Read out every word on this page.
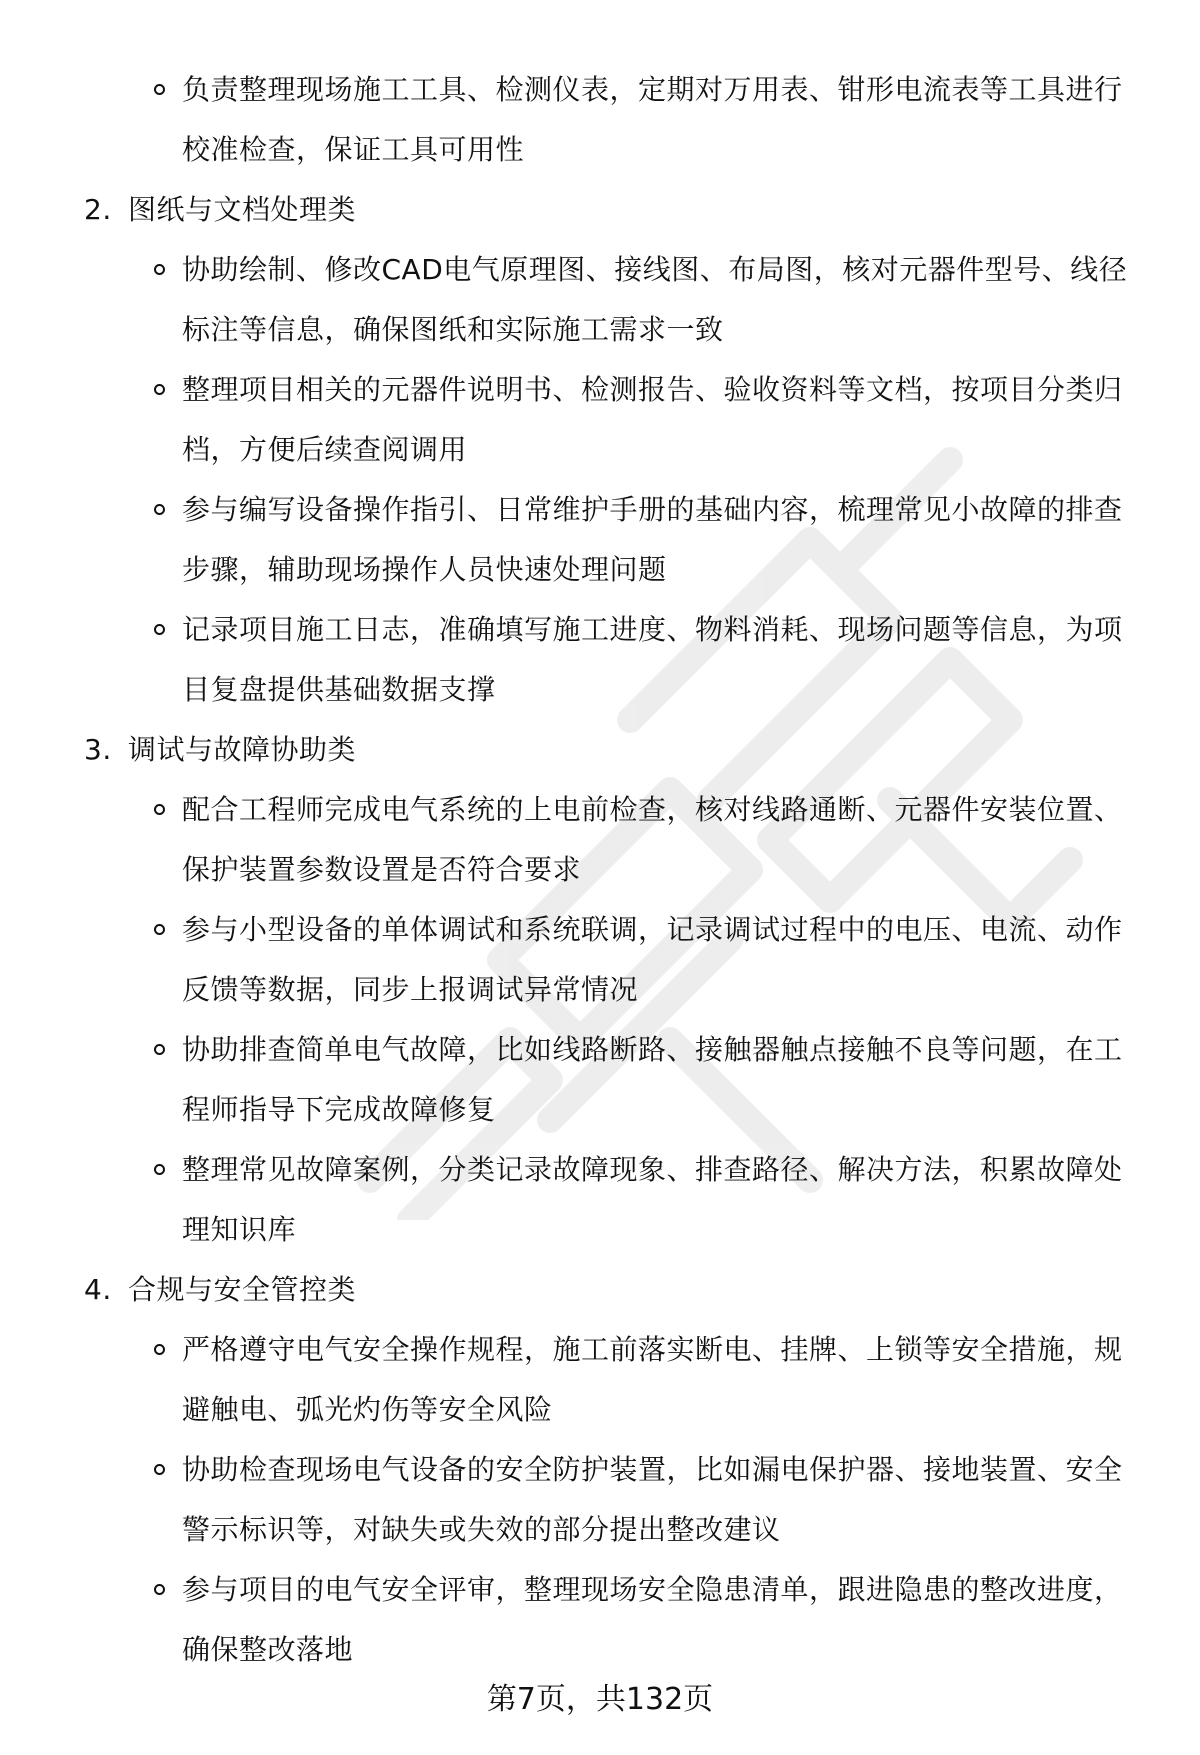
负责整理现场施工工具、检测仪表，定期对万用表、钳形电流表等工具进行校准检查，保证工具可用性
2. 图纸与文档处理类
协助绘制、修改CAD电气原理图、接线图、布局图，核对元器件型号、线径标注等信息，确保图纸和实际施工需求一致
整理项目相关的元器件说明书、检测报告、验收资料等文档，按项目分类归档，方便后续查阅调用
参与编写设备操作指引、日常维护手册的基础内容，梳理常见小故障的排查步骤，辅助现场操作人员快速处理问题
记录项目施工日志，准确填写施工进度、物料消耗、现场问题等信息，为项目复盘提供基础数据支撑
3. 调试与故障协助类
配合工程师完成电气系统的上电前检查，核对线路通断、元器件安装位置、保护装置参数设置是否符合要求
参与小型设备的单体调试和系统联调，记录调试过程中的电压、电流、动作反馈等数据，同步上报调试异常情况
协助排查简单电气故障，比如线路断路、接触器触点接触不良等问题，在工程师指导下完成故障修复
整理常见故障案例，分类记录故障现象、排查路径、解决方法，积累故障处理知识库
4. 合规与安全管控类
严格遵守电气安全操作规程，施工前落实断电、挂牌、上锁等安全措施，规避触电、弧光灼伤等安全风险
协助检查现场电气设备的安全防护装置，比如漏电保护器、接地装置、安全警示标识等，对缺失或失效的部分提出整改建议
参与项目的电气安全评审，整理现场安全隐患清单，跟进隐患的整改进度，确保整改落地
第7页，共132页
